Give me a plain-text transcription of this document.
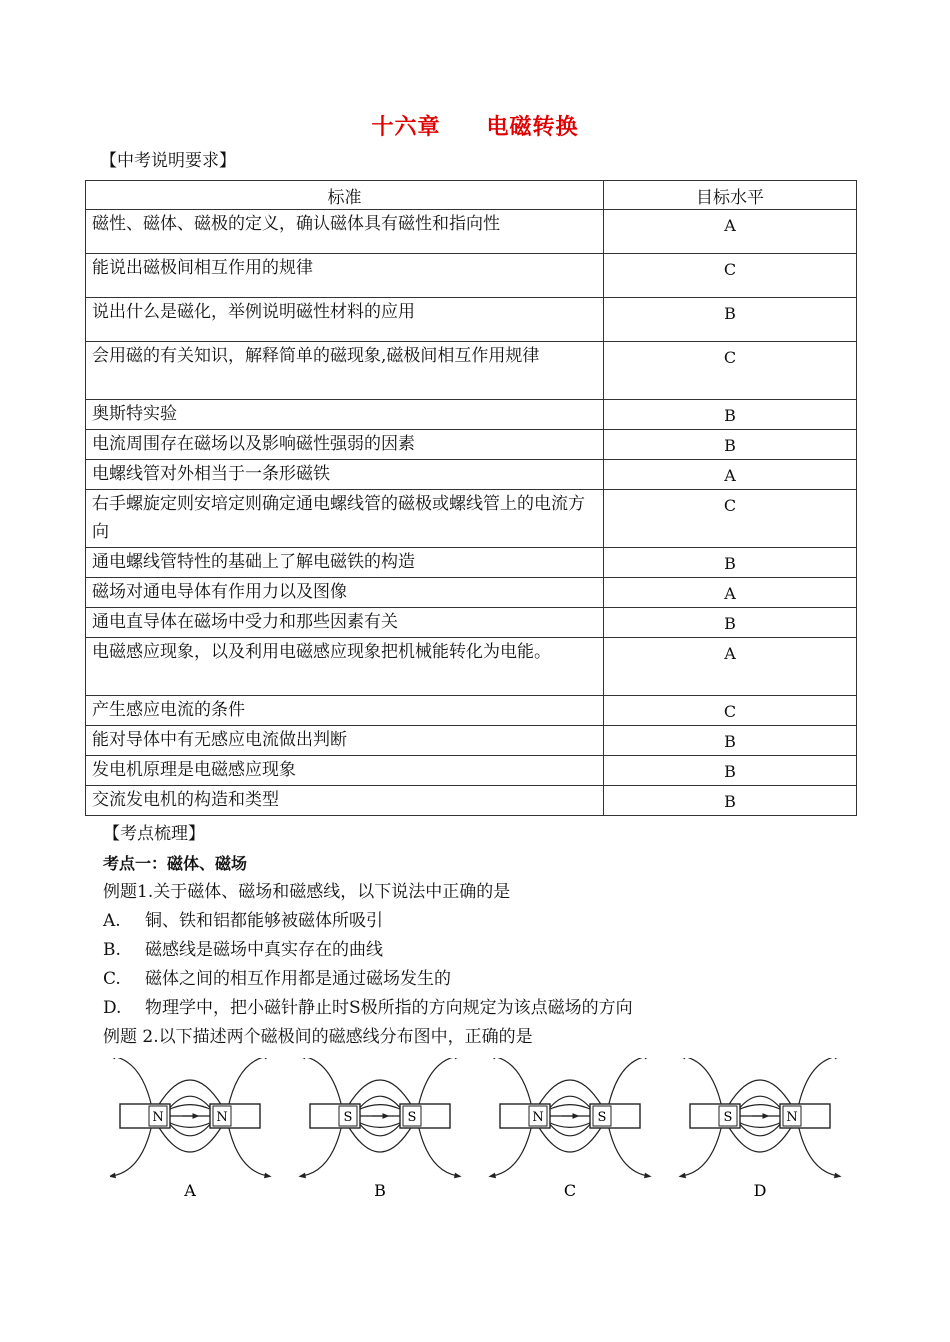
十六章 电磁转换
【中考说明要求】
标准	目标水平
磁性、磁体、磁极的定义，确认磁体具有磁性和指向性	A
能说出磁极间相互作用的规律	C
说出什么是磁化，举例说明磁性材料的应用	B
会用磁的有关知识，解释简单的磁现象,磁极间相互作用规律	C
奥斯特实验	B
电流周围存在磁场以及影响磁性强弱的因素	B
电螺线管对外相当于一条形磁铁	A
右手螺旋定则安培定则确定通电螺线管的磁极或螺线管上的电流方向	C
通电螺线管特性的基础上了解电磁铁的构造	B
磁场对通电导体有作用力以及图像	A
通电直导体在磁场中受力和那些因素有关	B
电磁感应现象，以及利用电磁感应现象把机械能转化为电能。	A
产生感应电流的条件	C
能对导体中有无感应电流做出判断	B
发电机原理是电磁感应现象	B
交流发电机的构造和类型	B
【考点梳理】
考点一：磁体、磁场
例题1.关于磁体、磁场和磁感线，以下说法中正确的是
A.	铜、铁和铝都能够被磁体所吸引
B.	磁感线是磁场中真实存在的曲线
C.	磁体之间的相互作用都是通过磁场发生的
D.	物理学中，把小磁针静止时S极所指的方向规定为该点磁场的方向
例题 2.以下描述两个磁极间的磁感线分布图中，正确的是
N	N
A
S	S
B
N	S
C
S	N
D
